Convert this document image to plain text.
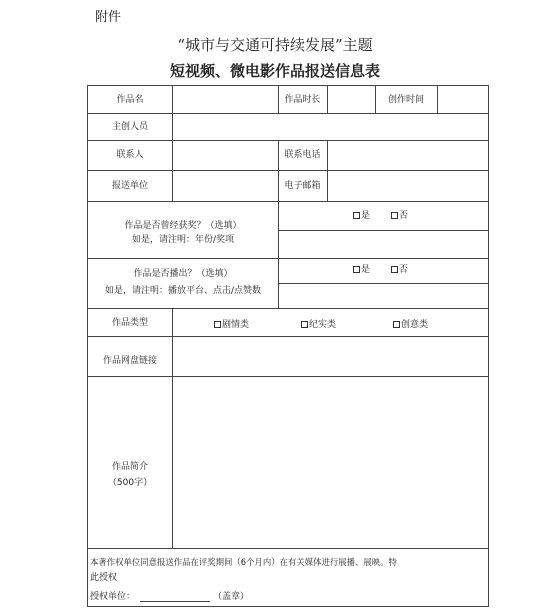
附件
“城市与交通可持续发展”主题
短视频、微电影作品报送信息表
作品名	作品时长	创作时间
主创人员
联系人	联系电话
报送单位	电子邮箱
作品是否曾经获奖？（选填）
如是，请注明：年份/奖项
是	否
作品是否播出？（选填）
如是，请注明：播放平台、点击/点赞数
是	否
作品类型	剧情类	纪实类	创意类
作品网盘链接
作品简介
（500字）
本著作权单位同意报送作品在评奖期间（6个月内）在有关媒体进行展播、展映。特
此授权
授权单位：	（盖章）
